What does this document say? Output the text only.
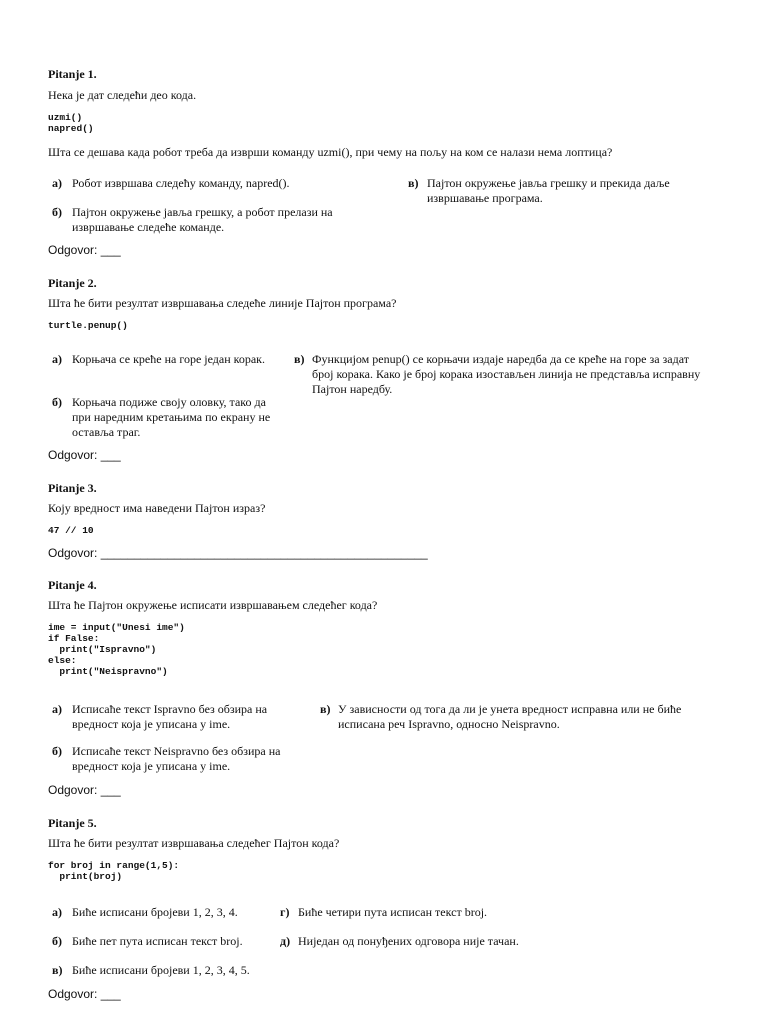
Pitanje 1.
Нека је дат следећи део кода.
uzmi()
napred()
Шта се дешава када робот треба да изврши команду uzmi(), при чему на пољу на ком се налази нема лоптица?
а) Робот извршава следећу команду, napred().
б) Пајтон окружење јавља грешку, а робот прелази на извршавање следеће команде.
в) Пајтон окружење јавља грешку и прекида даље извршавање програма.
Odgovor: ___
Pitanje 2.
Шта ће бити резултат извршавања следеће линије Пајтон програма?
turtle.penup()
а) Корњача се креће на горе један корак.
б) Корњача подиже своју оловку, тако да при наредним кретањима по екрану не оставља траг.
в) Функцијом penup() се корњачи издаје наредба да се креће на горе за задат број корака. Како је број корака изостављен линија не представља исправну Пајтон наредбу.
Odgovor: ___
Pitanje 3.
Коју вредност има наведени Пајтон израз?
47 // 10
Odgovor: _________________________________________________
Pitanje 4.
Шта ће Пајтон окружење исписати извршавањем следећег кода?
ime = input("Unesi ime")
if False:
print("Ispravno")
else:
print("Neispravno")
а) Исписаће текст Ispravno без обзира на вредност која је уписана у ime.
б) Исписаће текст Neispravno без обзира на вредност која је уписана у ime.
в) У зависности од тога да ли је унета вредност исправна или не биће исписана реч Ispravno, односно Neispravno.
Odgovor: ___
Pitanje 5.
Шта ће бити резултат извршавања следећег Пајтон кода?
for broj in range(1,5):
print(broj)
а) Биће исписани бројеви 1, 2, 3, 4.
б) Биће пет пута исписан текст broj.
в) Биће исписани бројеви 1, 2, 3, 4, 5.
г) Биће четири пута исписан текст broj.
д) Ниједан од понуђених одговора није тачан.
Odgovor: ___
